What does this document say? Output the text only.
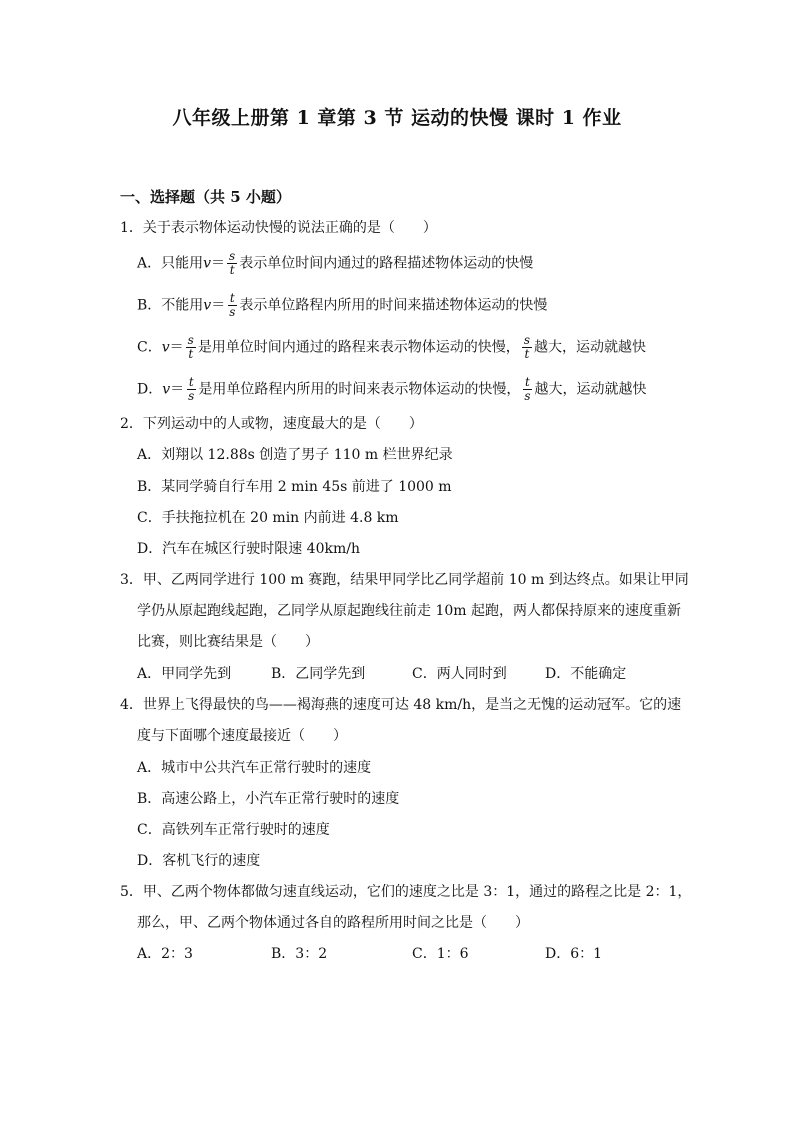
八年级上册第 1 章第 3 节 运动的快慢 课时 1 作业
一、选择题（共 5 小题）
1．关于表示物体运动快慢的说法正确的是（　　）
A．只能用$v= \frac{s}{t}$ 表示单位时间内通过的路程描述物体运动的快慢
B．不能用$v= \frac{t}{s}$ 表示单位路程内所用的时间来描述物体运动的快慢
C．$v= \frac{s}{t}$ 是用单位时间内通过的路程来表示物体运动的快慢， $\frac{s}{t}$ 越大，运动就越快
D．$v= \frac{t}{s}$ 是用单位路程内所用的时间来表示物体运动的快慢， $\frac{t}{s}$ 越大，运动就越快
2．下列运动中的人或物，速度最大的是（　　）
A．刘翔以 12.88s 创造了男子 110 m 栏世界纪录
B．某同学骑自行车用 2 min 45s 前进了 1000 m
C．手扶拖拉机在 20 min 内前进 4.8 km
D．汽车在城区行驶时限速 40km/h
3．甲、乙两同学进行 100 m 赛跑，结果甲同学比乙同学超前 10 m 到达终点。如果让甲同
学仍从原起跑线起跑，乙同学从原起跑线往前走 10m 起跑，两人都保持原来的速度重新
比赛，则比赛结果是（　　）
A．甲同学先到	B．乙同学先到	C．两人同时到	D．不能确定
4．世界上飞得最快的鸟——褐海燕的速度可达 48 km/h，是当之无愧的运动冠军。它的速
度与下面哪个速度最接近（　　）
A．城市中公共汽车正常行驶时的速度
B．高速公路上，小汽车正常行驶时的速度
C．高铁列车正常行驶时的速度
D．客机飞行的速度
5．甲、乙两个物体都做匀速直线运动，它们的速度之比是 3：1，通过的路程之比是 2：1，
那么，甲、乙两个物体通过各自的路程所用时间之比是（　　）
A．2：3	B．3：2	C．1：6	D．6：1
